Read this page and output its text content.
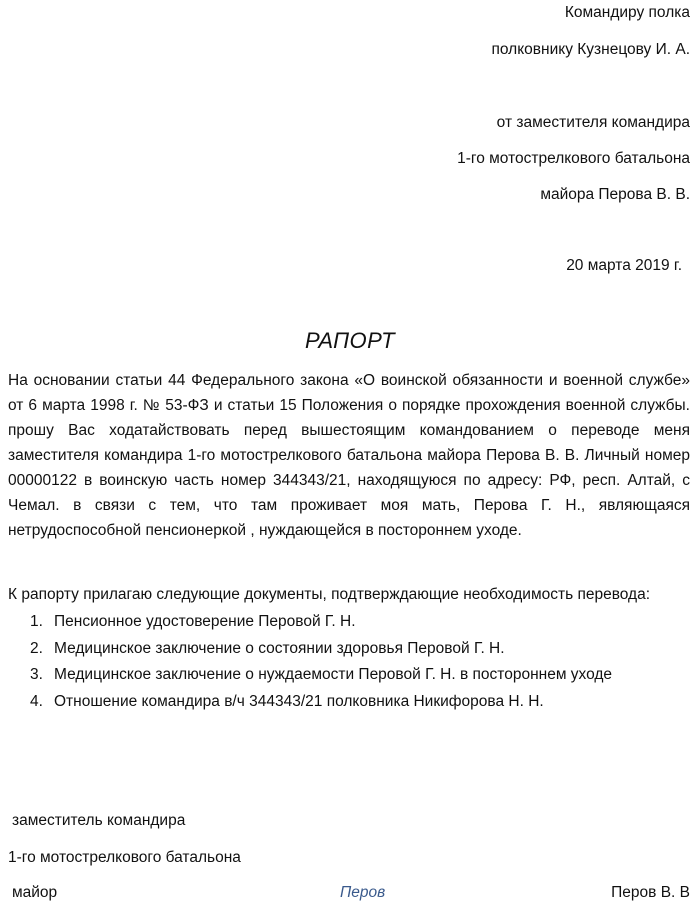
Командиру полка
полковнику Кузнецову И. А.
от заместителя командира
1-го мотострелкового батальона
майора Перова В. В.
20 марта 2019 г.
РАПОРТ
На основании статьи 44 Федерального закона «О воинской обязанности и военной службе»
от 6 марта 1998 г. № 53-ФЗ и статьи 15 Положения о порядке прохождения военной службы.
прошу Вас ходатайствовать перед вышестоящим командованием о переводе меня
заместителя командира 1-го мотострелкового батальона майора Перова В. В. Личный номер
00000122 в воинскую часть номер 344343/21, находящуюся по адресу: РФ, респ. Алтай, с
Чемал. в связи с тем, что там проживает моя мать, Перова Г. Н., являющаяся
нетрудоспособной пенсионеркой , нуждающейся в постороннем уходе.
К рапорту прилагаю следующие документы, подтверждающие необходимость перевода:
1. Пенсионное удостоверение Перовой Г. Н.
2. Медицинское заключение о состоянии здоровья Перовой Г. Н.
3. Медицинское заключение о нуждаемости Перовой Г. Н. в постороннем уходе
4. Отношение командира в/ч 344343/21 полковника Никифорова Н. Н.
заместитель командира
1-го мотострелкового батальона
майор	Перов	Перов В. В
